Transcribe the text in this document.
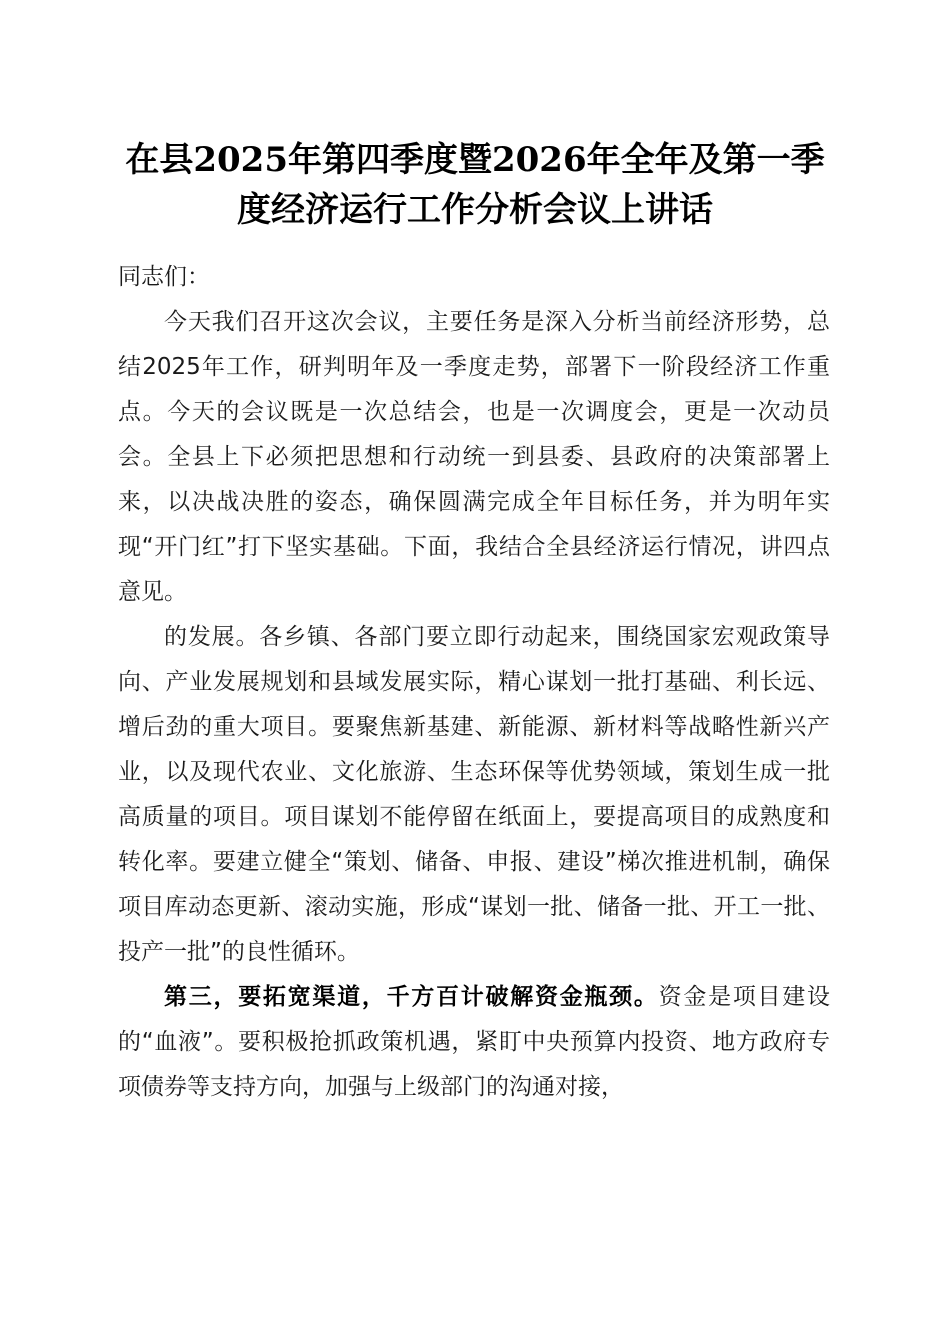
在县2025年第四季度暨2026年全年及第一季
度经济运行工作分析会议上讲话

同志们：

今天我们召开这次会议，主要任务是深入分析当前经济形势，总结2025年工作，研判明年及一季度走势，部署下一阶段经济工作重点。今天的会议既是一次总结会，也是一次调度会，更是一次动员会。全县上下必须把思想和行动统一到县委、县政府的决策部署上来，以决战决胜的姿态，确保圆满完成全年目标任务，并为明年实现“开门红”打下坚实基础。下面，我结合全县经济运行情况，讲四点意见。

的发展。各乡镇、各部门要立即行动起来，围绕国家宏观政策导向、产业发展规划和县域发展实际，精心谋划一批打基础、利长远、增后劲的重大项目。要聚焦新基建、新能源、新材料等战略性新兴产业，以及现代农业、文化旅游、生态环保等优势领域，策划生成一批高质量的项目。项目谋划不能停留在纸面上，要提高项目的成熟度和转化率。要建立健全“策划、储备、申报、建设”梯次推进机制，确保项目库动态更新、滚动实施，形成“谋划一批、储备一批、开工一批、投产一批”的良性循环。

第三，要拓宽渠道，千方百计破解资金瓶颈。资金是项目建设的“血液”。要积极抢抓政策机遇，紧盯中央预算内投资、地方政府专项债券等支持方向，加强与上级部门的沟通对接，
